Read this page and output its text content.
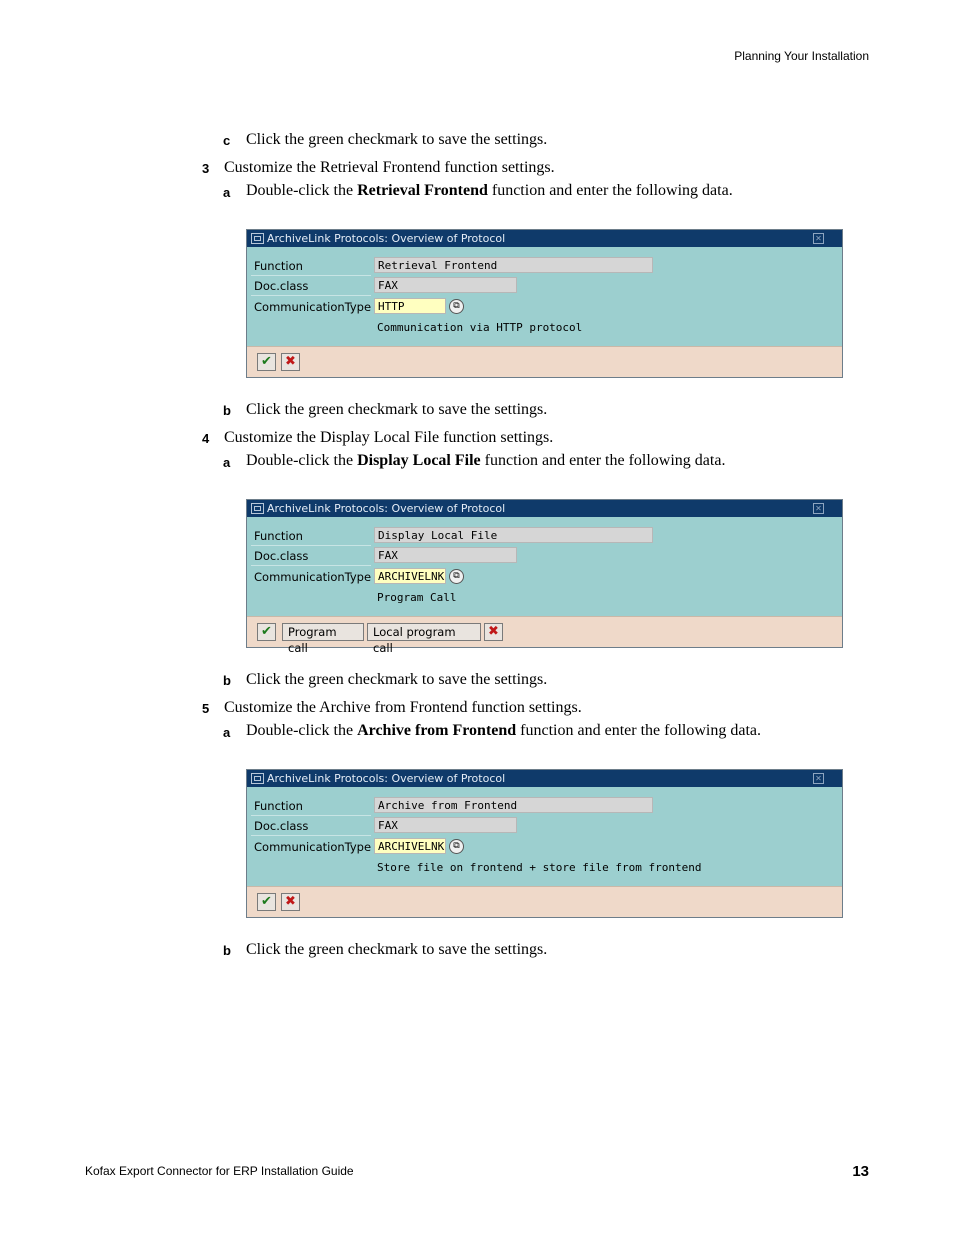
Planning Your Installation
c Click the green checkmark to save the settings.
3 Customize the Retrieval Frontend function settings.
a Double-click the Retrieval Frontend function and enter the following data.
ArchiveLink Protocols: Overview of Protocol	✕
Function	Retrieval Frontend
Doc.class	FAX
CommunicationType HTTP	⧉
Communication via HTTP protocol
✔	✖
b Click the green checkmark to save the settings.
4 Customize the Display Local File function settings.
a Double-click the Display Local File function and enter the following data.
ArchiveLink Protocols: Overview of Protocol	✕
Function	Display Local File
Doc.class	FAX
CommunicationType ARCHIVELNK	⧉
Program Call
✔	Program call
Local program call
✖
b Click the green checkmark to save the settings.
5 Customize the Archive from Frontend function settings.
a Double-click the Archive from Frontend function and enter the following data.
ArchiveLink Protocols: Overview of Protocol	✕
Function	Archive from Frontend
Doc.class	FAX
CommunicationType ARCHIVELNK	⧉
Store file on frontend + store file from frontend
✔	✖
b Click the green checkmark to save the settings.
Kofax Export Connector for ERP Installation Guide	13
